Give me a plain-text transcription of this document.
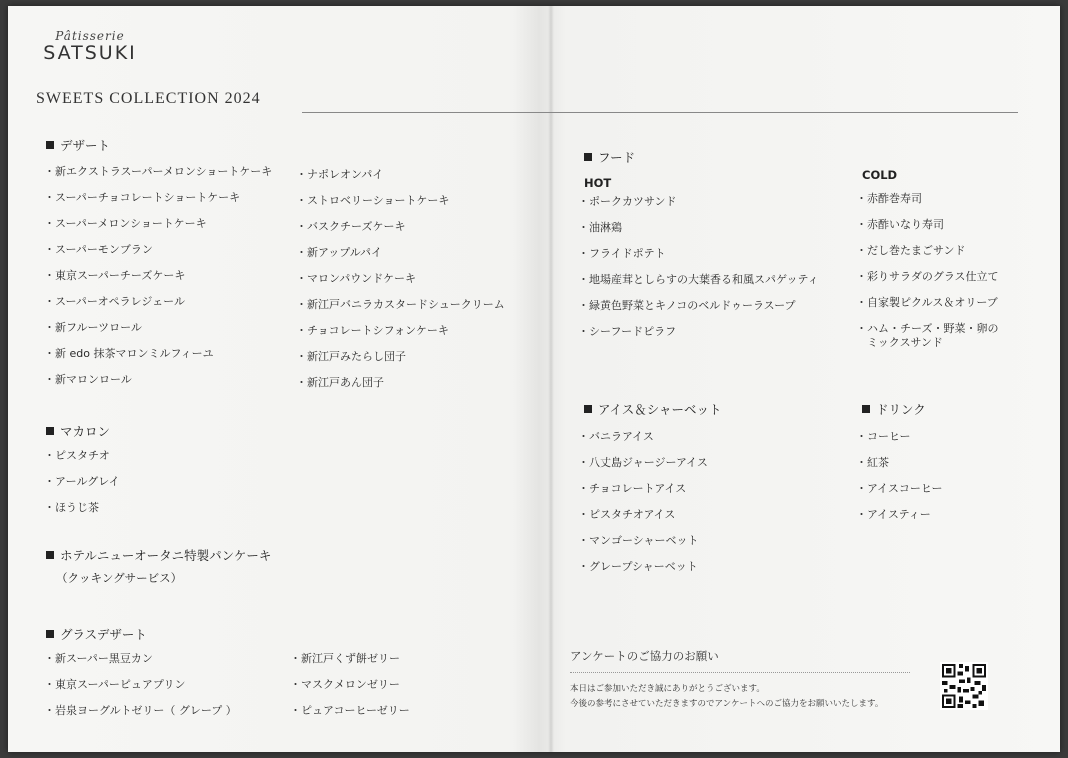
Pâtisserie
SATSUKI
SWEETS COLLECTION 2024
デザート
・ 新エクストラスーパーメロンショートケーキ
・ スーパーチョコレートショートケーキ
・ スーパーメロンショートケーキ
・ スーパーモンブラン
・ 東京スーパーチーズケーキ
・ スーパーオペラレジェール
・ 新フルーツロール
・ 新 edo 抹茶マロンミルフィーユ
・ 新マロンロール
・ ナポレオンパイ
・ ストロベリーショートケーキ
・ バスクチーズケーキ
・ 新アップルパイ
・ マロンパウンドケーキ
・ 新江戸バニラカスタードシュークリーム
・ チョコレートシフォンケーキ
・ 新江戸みたらし団子
・ 新江戸あん団子
マカロン
・ ピスタチオ
・ アールグレイ
・ ほうじ茶
ホテルニューオータニ特製パンケーキ
（クッキングサービス）
グラスデザート
・ 新スーパー黒豆カン
・ 東京スーパーピュアプリン
・ 岩泉ヨーグルトゼリー（ グレープ ）
・ 新江戸くず餅ゼリー
・ マスクメロンゼリー
・ ピュアコーヒーゼリー
フード
HOT
・ ポークカツサンド
・ 油淋鶏
・ フライドポテト
・ 地場産茸としらすの大葉香る和風スパゲッティ
・ 緑黄色野菜とキノコのベルドゥーラスープ
・ シーフードピラフ
COLD
・ 赤酢巻寿司
・ 赤酢いなり寿司
・ だし巻たまごサンド
・ 彩りサラダのグラス仕立て
・ 自家製ピクルス＆オリーブ
・ ハム・チーズ・野菜・卵の
ミックスサンド
アイス＆シャーベット
・ バニラアイス
・ 八丈島ジャージーアイス
・ チョコレートアイス
・ ピスタチオアイス
・ マンゴーシャーベット
・ グレープシャーベット
ドリンク
・ コーヒー
・ 紅茶
・ アイスコーヒー
・ アイスティー
アンケートのご協力のお願い
本日はご参加いただき誠にありがとうございます。
今後の参考にさせていただきますのでアンケートへのご協力をお願いいたします。
